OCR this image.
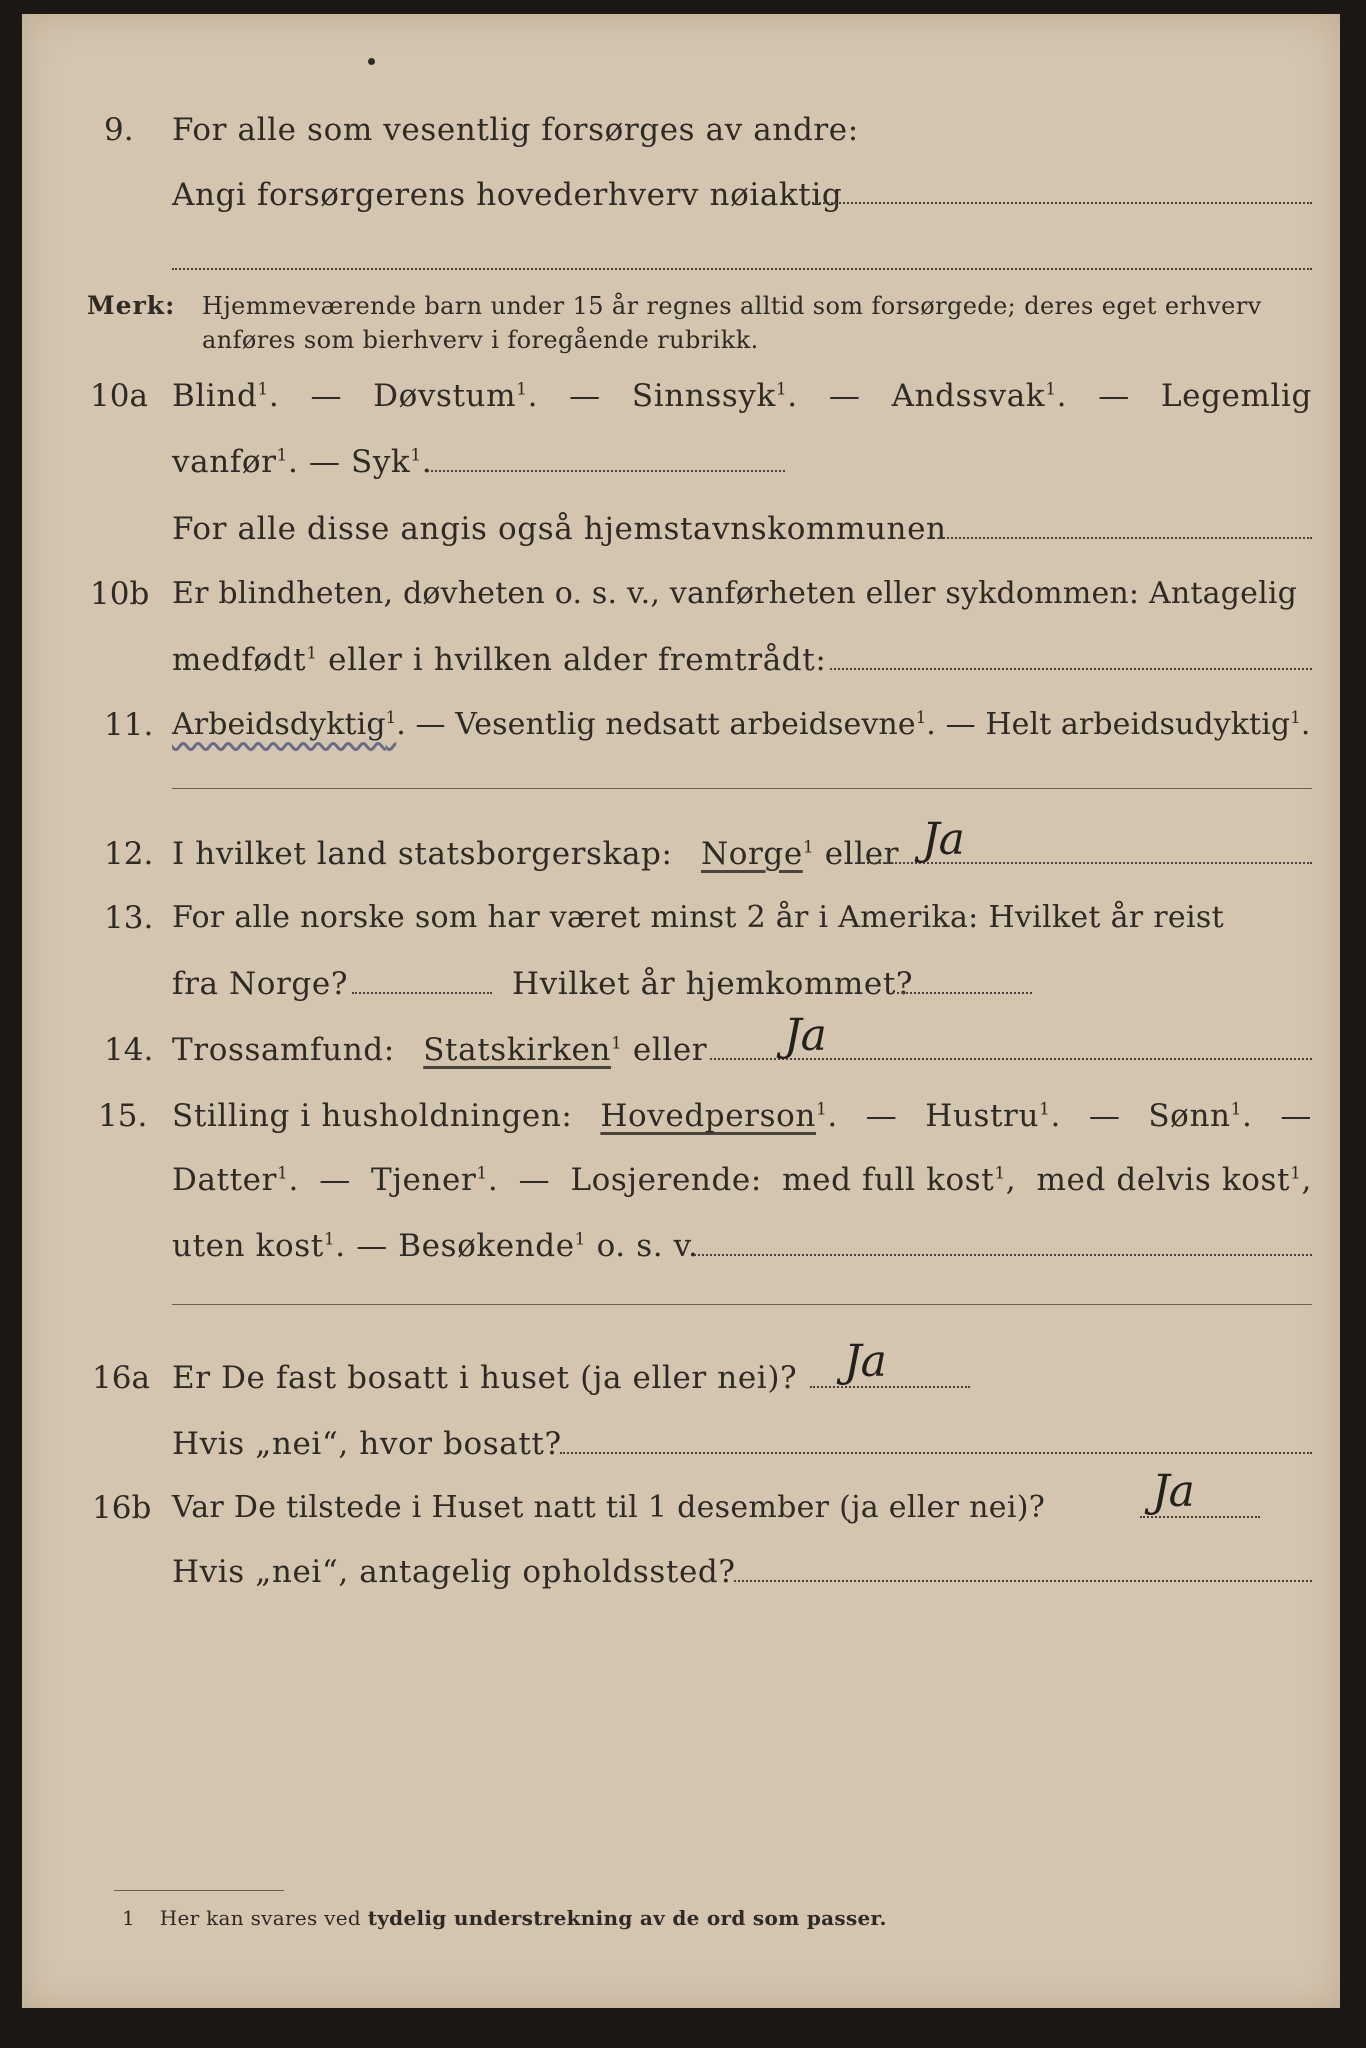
9. For alle som vesentlig forsørges av andre:
Angi forsørgerens hovederhverv nøiaktig
Merk: Hjemmeværende barn under 15 år regnes alltid som forsørgede; deres eget erhverv
anføres som bierhverv i foregående rubrikk.
10a Blind$^1$. — Døvstum$^1$. — Sinnssyk$^1$. — Andssvak$^1$. — Legemlig
vanfør$^1$. — Syk$^1$.
For alle disse angis også hjemstavnskommunen
10b Er blindheten, døvheten o. s. v., vanførheten eller sykdommen: Antagelig
medfødt$^1$ eller i hvilken alder fremtrådt:
11. Arbeidsdyktig$^1$. — Vesentlig nedsatt arbeidsevne$^1$. — Helt arbeidsudyktig$^1$.
12. I hvilket land statsborgerskap: Norge$^1$ eller Ja
13. For alle norske som har været minst 2 år i Amerika: Hvilket år reist
fra Norge?	Hvilket år hjemkommet?
14. Trossamfund: Statskirken$^1$ eller Ja
15. Stilling i husholdningen: Hovedperson$^1$. — Hustru$^1$. — Sønn$^1$. —
Datter$^1$. — Tjener$^1$. — Losjerende: med full kost$^1$, med delvis kost$^1$,
uten kost$^1$. — Besøkende$^1$ o. s. v.
16a Er De fast bosatt i huset (ja eller nei)? Ja
Hvis „nei“, hvor bosatt?
16b Var De tilstede i Huset natt til 1 desember (ja eller nei)? Ja
Hvis „nei“, antagelig opholdssted?
1 Her kan svares ved tydelig understrekning av de ord som passer.
